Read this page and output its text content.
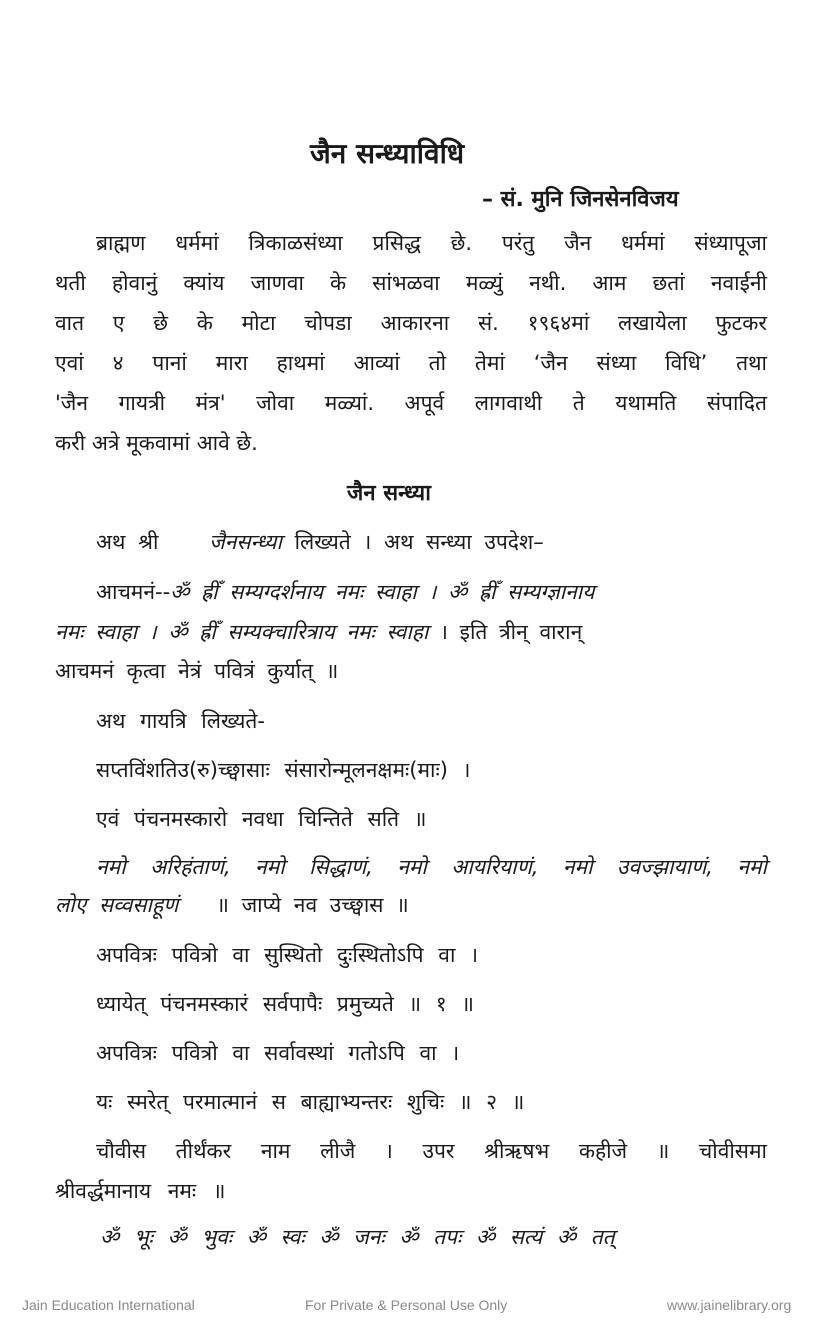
जैन सन्ध्याविधि
– सं. मुनि जिनसेनविजय
ब्राह्मण धर्ममां त्रिकाळसंध्या प्रसिद्ध छे. परंतु जैन धर्ममां संध्यापूजा
थती होवानुं क्यांय जाणवा के सांभळवा मळ्युं नथी. आम छतां नवाईनी
वात ए छे के मोटा चोपडा आकारना सं. १९६४मां लखायेला फुटकर
एवां ४ पानां मारा हाथमां आव्यां तो तेमां ‘जैन संध्या विधि’ तथा
'जैन गायत्री मंत्र' जोवा मळ्यां. अपूर्व लागवाथी ते यथामति संपादित
करी अत्रे मूकवामां आवे छे.
जैन सन्ध्या
अथ श्री जैनसन्ध्या लिख्यते । अथ सन्ध्या उपदेश–
आचमनं--ॐ ह्रीँ सम्यग्दर्शनाय नमः स्वाहा । ॐ ह्रीँ सम्यग्ज्ञानाय
नमः स्वाहा । ॐ ह्रीँ सम्यक्चारित्राय नमः स्वाहा । इति त्रीन् वारान्
आचमनं कृत्वा नेत्रं पवित्रं कुर्यात् ॥
अथ गायत्रि लिख्यते-
सप्तविंशतिउ(रु)च्छ्वासाः संसारोन्मूलनक्षमः(माः) ।
एवं पंचनमस्कारो नवधा चिन्तिते सति ॥
नमो अरिहंताणं, नमो सिद्धाणं, नमो आयरियाणं, नमो उवज्झायाणं, नमो
लोए सव्वसाहूणं ॥ जाप्ये नव उच्छ्वास ॥
अपवित्रः पवित्रो वा सुस्थितो दुःस्थितोऽपि वा ।
ध्यायेत् पंचनमस्कारं सर्वपापैः प्रमुच्यते ॥ १ ॥
अपवित्रः पवित्रो वा सर्वावस्थां गतोऽपि वा ।
यः स्मरेत् परमात्मानं स बाह्याभ्यन्तरः शुचिः ॥ २ ॥
चौवीस तीर्थंकर नाम लीजै । उपर श्रीऋषभ कहीजे ॥ चोवीसमा
श्रीवर्द्धमानाय नमः ॥
ॐ भूः ॐ भुवः ॐ स्वः ॐ जनः ॐ तपः ॐ सत्यं ॐ तत्
Jain Education International	For Private & Personal Use Only	www.jainelibrary.org
